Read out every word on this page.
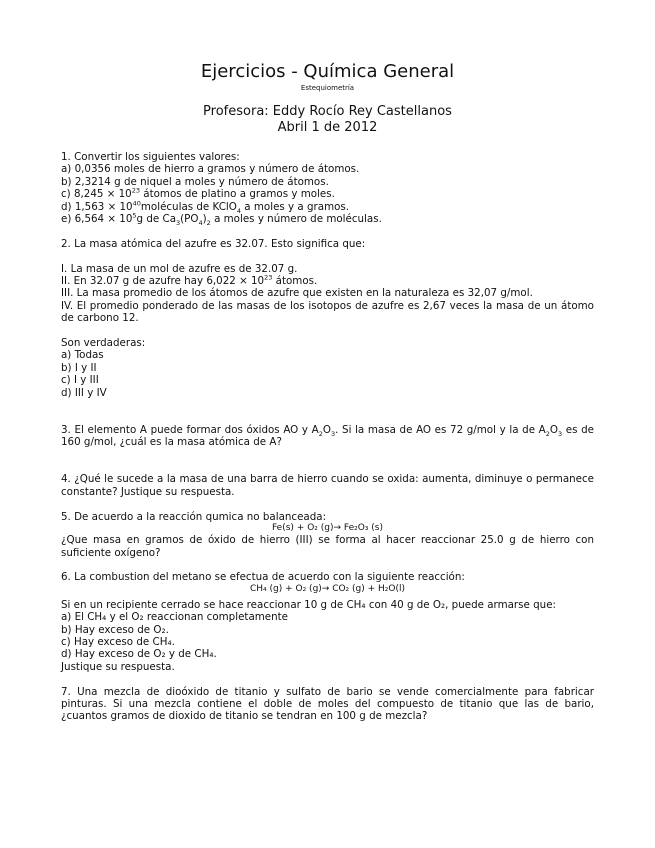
Ejercicios - Química General
Estequiometría
Profesora: Eddy Rocío Rey Castellanos
Abril 1 de 2012
1. Convertir los siguientes valores:
a) 0,0356 moles de hierro a gramos y número de átomos.
b) 2,3214 g de niquel a moles y número de átomos.
c) $8,245 \times 10^{23}$ átomos de platino a gramos y moles.
d) $1,563 \times 10^{40}moléculas$ de KClO$_4$ a moles y a gramos.
e) $6,564 \times 10^5g$ de $Ca_3(PO_4)_2$ a moles y número de moléculas.
2. La masa atómica del azufre es 32.07. Esto significa que:
I. La masa de un mol de azufre es de 32.07 g.
II. En 32.07 g de azufre hay $6,022 \times 10^{23}$ átomos.
III. La masa promedio de los átomos de azufre que existen en la naturaleza es 32,07 g/mol.
IV. El promedio ponderado de las masas de los isotopos de azufre es 2,67 veces la masa de un átomo de carbono 12.
Son verdaderas:
a) Todas
b) I y II
c) I y III
d) III y IV
3. El elemento A puede formar dos óxidos AO y $A_2O_3$. Si la masa de AO es 72 g/mol y la de $A_2O_3$ es de 160 g/mol, ¿cuál es la masa atómica de A?
4. ¿Qué le sucede a la masa de una barra de hierro cuando se oxida: aumenta, diminuye o permanece constante? Justique su respuesta.
5. De acuerdo a la reacción qumica no balanceada:
Fe(s) + O₂ (g)→ Fe₂O₃ (s)
¿Que masa en gramos de óxido de hierro (III) se forma al hacer reaccionar 25.0 g de hierro con suficiente oxígeno?
6. La combustion del metano se efectua de acuerdo con la siguiente reacción:
CH₄ (g) + O₂ (g)→ CO₂ (g) + H₂O(l)
Si en un recipiente cerrado se hace reaccionar 10 g de CH₄ con 40 g de O₂, puede armarse que:
a) El CH₄ y el O₂ reaccionan completamente
b) Hay exceso de O₂.
c) Hay exceso de CH₄.
d) Hay exceso de O₂ y de CH₄.
Justique su respuesta.
7. Una mezcla de dioóxido de titanio y sulfato de bario se vende comercialmente para fabricar pinturas. Si una mezcla contiene el doble de moles del compuesto de titanio que las de bario, ¿cuantos gramos de dioxido de titanio se tendran en 100 g de mezcla?
